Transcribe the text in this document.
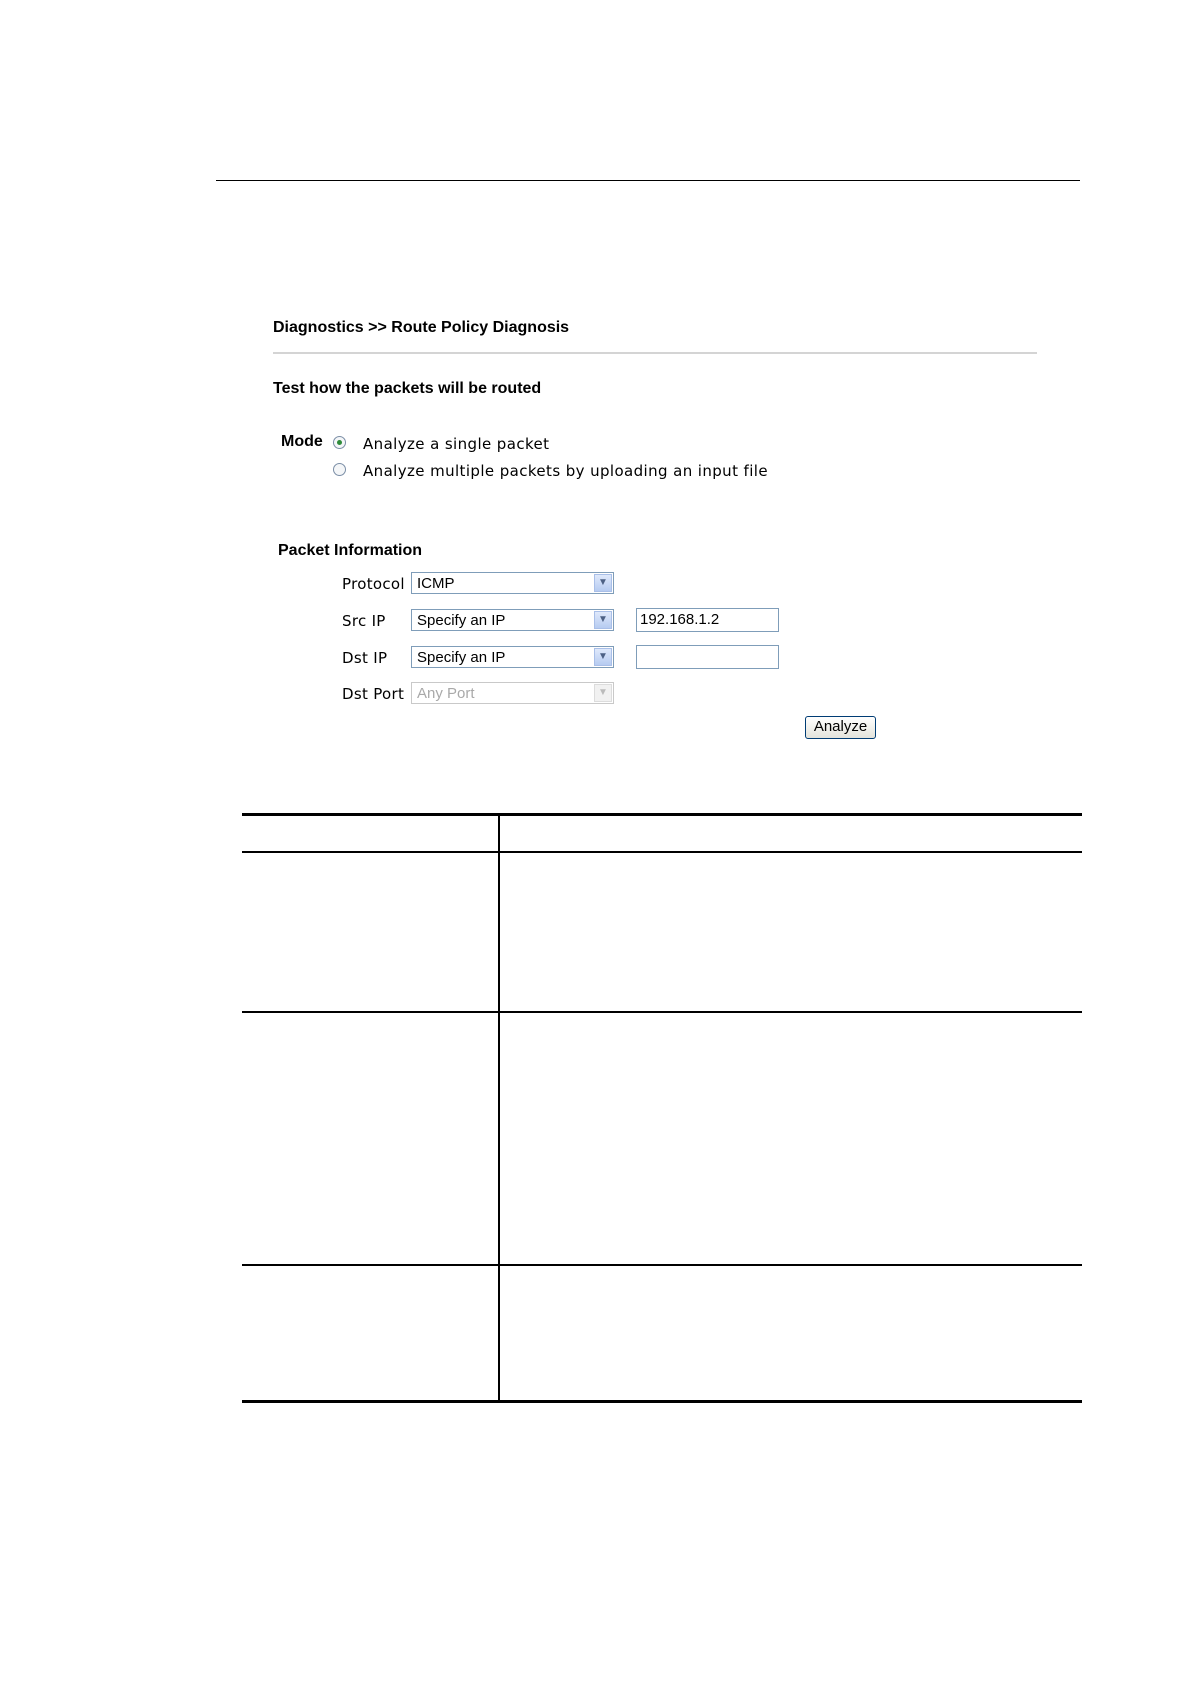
Diagnostics >> Route Policy Diagnosis
Test how the packets will be routed
Mode	Analyze a single packet
Analyze multiple packets by uploading an input file
Packet Information
Protocol ICMP	▼
Src IP Specify an IP	▼ 192.168.1.2
Dst IP Specify an IP	▼
Dst Port Any Port	▼
Analyze
